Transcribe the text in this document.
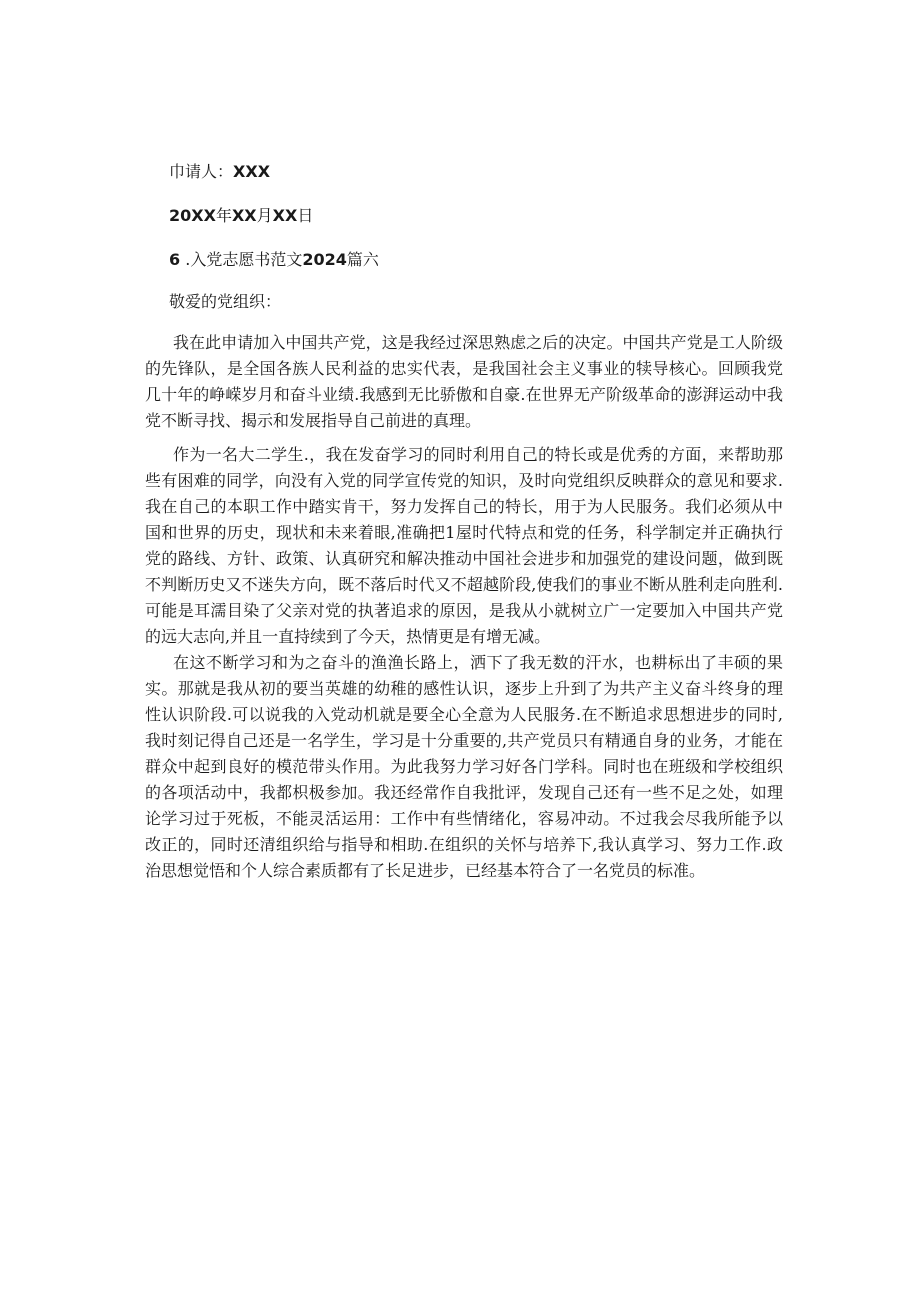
巾请人：XXX
20XX年XX月XX日
6 .入党志愿书范文2024篇六
敬爱的党组织：

我在此申请加入中国共产党，这是我经过深思熟虑之后的决定。中国共产党是工人阶级的先锋队，是全国各族人民利益的忠实代表，是我国社会主义事业的犊导核心。回顾我党几十年的峥嵘岁月和奋斗业绩.我感到无比骄傲和自豪.在世界无产阶级革命的澎湃运动中我党不断寻找、揭示和发展指导自己前进的真理。

作为一名大二学生.，我在发奋学习的同时利用自己的特长或是优秀的方面，来帮助那些有困难的同学，向没有入党的同学宣传党的知识，及时向党组织反映群众的意见和要求.我在自己的本职工作中踏实肯干，努力发挥自己的特长，用于为人民服务。我们必须从中国和世界的历史，现状和未来着眼,准确把1屋时代特点和党的任务，科学制定并正确执行党的路线、方针、政策、认真研究和解决推动中国社会进步和加强党的建设问题，做到既不判断历史又不迷失方向，既不落后时代又不超越阶段,使我们的事业不断从胜利走向胜利.可能是耳濡目染了父亲对党的执著追求的原因，是我从小就树立广一定要加入中国共产党的远大志向,并且一直持续到了今天，热情更是有增无减。

在这不断学习和为之奋斗的渔渔长路上，洒下了我无数的汗水，也耕标出了丰硕的果实。那就是我从初的要当英雄的幼稚的感性认识，逐步上升到了为共产主义奋斗终身的理性认识阶段.可以说我的入党动机就是要全心全意为人民服务.在不断追求思想进步的同时,我时刻记得自己还是一名学生，学习是十分重要的,共产党员只有精通自身的业务，才能在群众中起到良好的模范带头作用。为此我努力学习好各门学科。同时也在班级和学校组织的各项活动中，我都枳极参加。我还经常作自我批评，发现自己还有一些不足之处，如理论学习过于死板，不能灵活运用：工作中有些情绪化，容易冲动。不过我会尽我所能予以改正的，同时还清组织给与指导和相助.在组织的关怀与培养下,我认真学习、努力工作.政治思想觉悟和个人综合素质都有了长足进步，已经基本符合了一名党员的标准。
